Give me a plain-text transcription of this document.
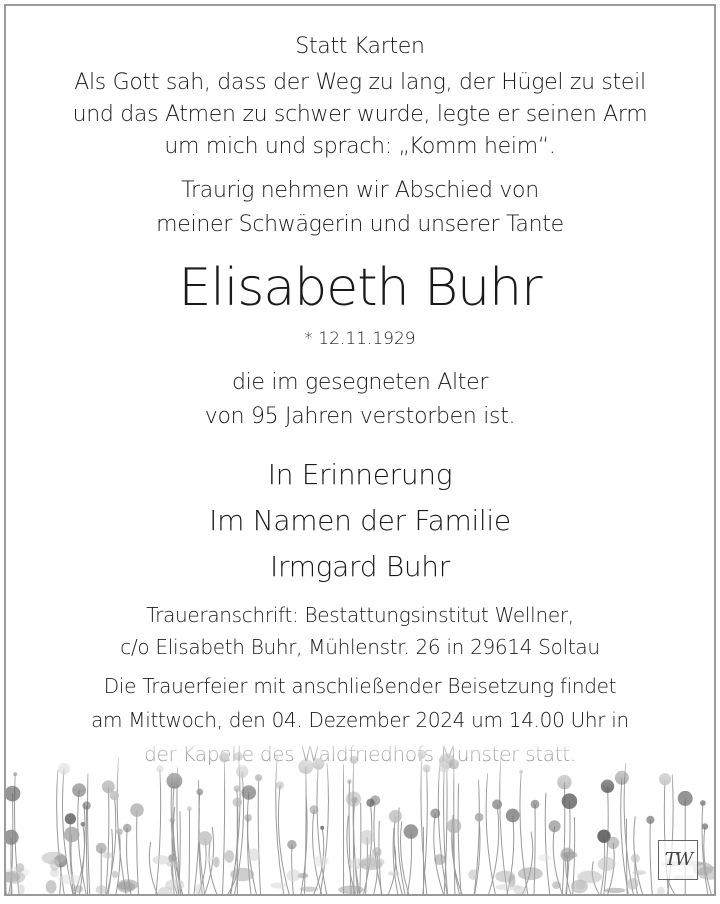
Statt Karten
Als Gott sah, dass der Weg zu lang, der Hügel zu steil
und das Atmen zu schwer wurde, legte er seinen Arm
um mich und sprach: „Komm heim“.
Traurig nehmen wir Abschied von
meiner Schwägerin und unserer Tante
Elisabeth Buhr
* 12.11.1929
die im gesegneten Alter
von 95 Jahren verstorben ist.
In Erinnerung
Im Namen der Familie
Irmgard Buhr
Traueranschrift: Bestattungsinstitut Wellner,
c/o Elisabeth Buhr, Mühlenstr. 26 in 29614 Soltau
Die Trauerfeier mit anschließender Beisetzung findet
am Mittwoch, den 04. Dezember 2024 um 14.00 Uhr in
TW
